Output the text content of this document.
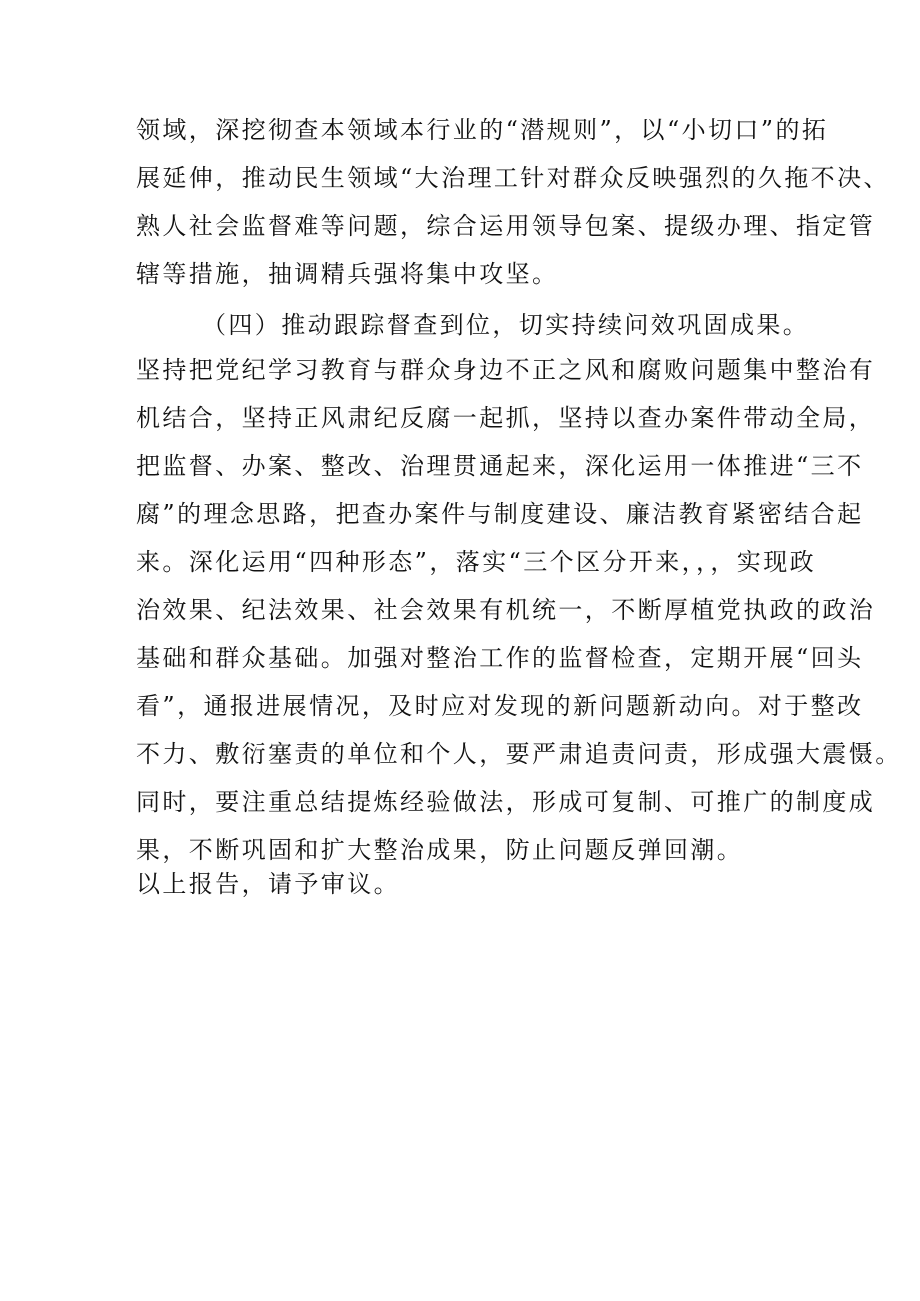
领域，深挖彻查本领域本行业的“潜规则”，以“小切口”的拓
展延伸，推动民生领域“大治理工针对群众反映强烈的久拖不决、
熟人社会监督难等问题，综合运用领导包案、提级办理、指定管
辖等措施，抽调精兵强将集中攻坚。
（四）推动跟踪督查到位，切实持续问效巩固成果。
坚持把党纪学习教育与群众身边不正之风和腐败问题集中整治有
机结合，坚持正风肃纪反腐一起抓，坚持以查办案件带动全局，
把监督、办案、整改、治理贯通起来，深化运用一体推进“三不
腐”的理念思路，把查办案件与制度建设、廉洁教育紧密结合起
来。深化运用“四种形态”，落实“三个区分开来，，，实现政
治效果、纪法效果、社会效果有机统一，不断厚植党执政的政治
基础和群众基础。加强对整治工作的监督检查，定期开展“回头
看”，通报进展情况，及时应对发现的新问题新动向。对于整改
不力、敷衍塞责的单位和个人，要严肃追责问责，形成强大震慑。
同时，要注重总结提炼经验做法，形成可复制、可推广的制度成
果，不断巩固和扩大整治成果，防止问题反弹回潮。
以上报告，请予审议。
